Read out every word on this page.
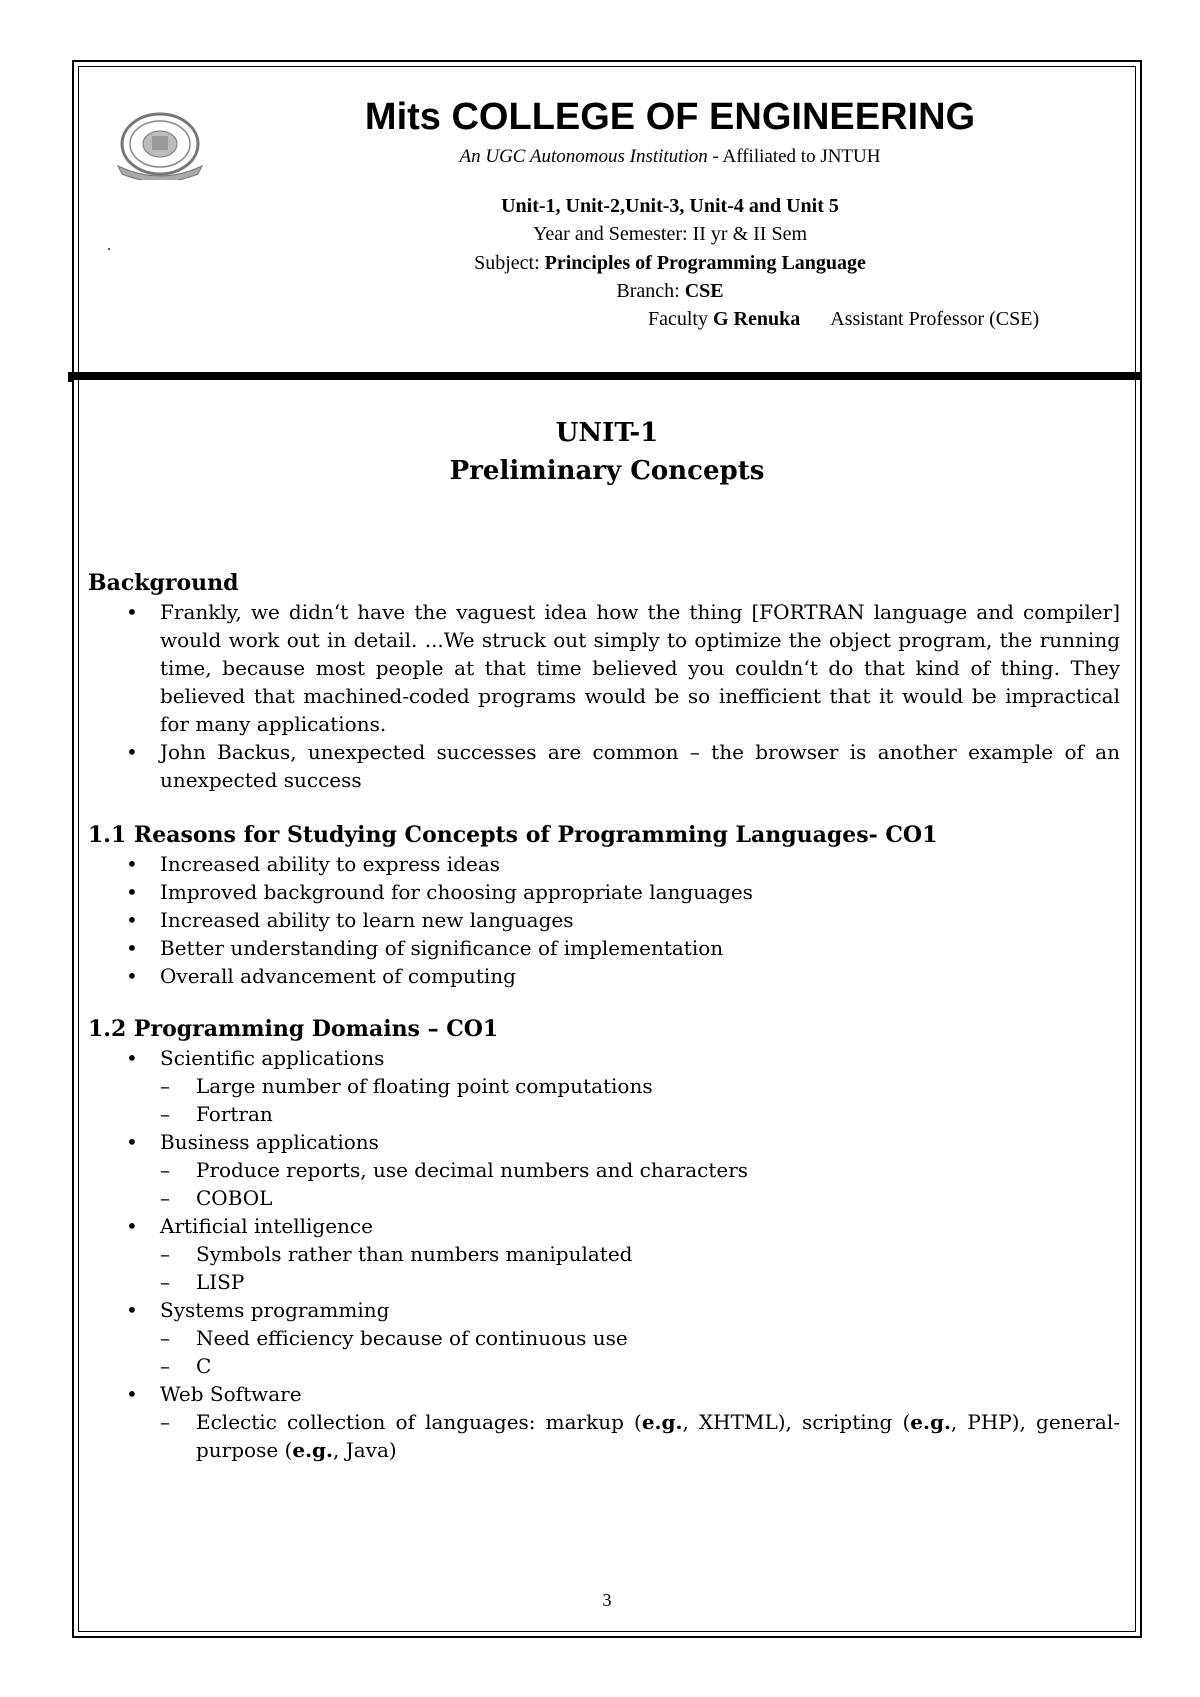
Mits COLLEGE OF ENGINEERING
An UGC Autonomous Institution - Affiliated to JNTUH
Unit-1, Unit-2,Unit-3, Unit-4 and Unit 5
Year and Semester: II yr & II Sem
Subject: Principles of Programming Language
Branch: CSE
Faculty G Renuka Assistant Professor (CSE)
UNIT-1
Preliminary Concepts
Background
• Frankly, we didn‘t have the vaguest idea how the thing [FORTRAN language and compiler] would work out in detail. ...We struck out simply to optimize the object program, the running time, because most people at that time believed you couldn‘t do that kind of thing. They believed that machined-coded programs would be so inefficient that it would be impractical for many applications.
• John Backus, unexpected successes are common – the browser is another example of an unexpected success
1.1 Reasons for Studying Concepts of Programming Languages- CO1
• Increased ability to express ideas
• Improved background for choosing appropriate languages
• Increased ability to learn new languages
• Better understanding of significance of implementation
• Overall advancement of computing
1.2 Programming Domains – CO1
• Scientific applications
– Large number of floating point computations
– Fortran
• Business applications
– Produce reports, use decimal numbers and characters
– COBOL
• Artificial intelligence
– Symbols rather than numbers manipulated
– LISP
• Systems programming
– Need efficiency because of continuous use
– C
• Web Software
– Eclectic collection of languages: markup (e.g., XHTML), scripting (e.g., PHP), general-purpose (e.g., Java)
3
